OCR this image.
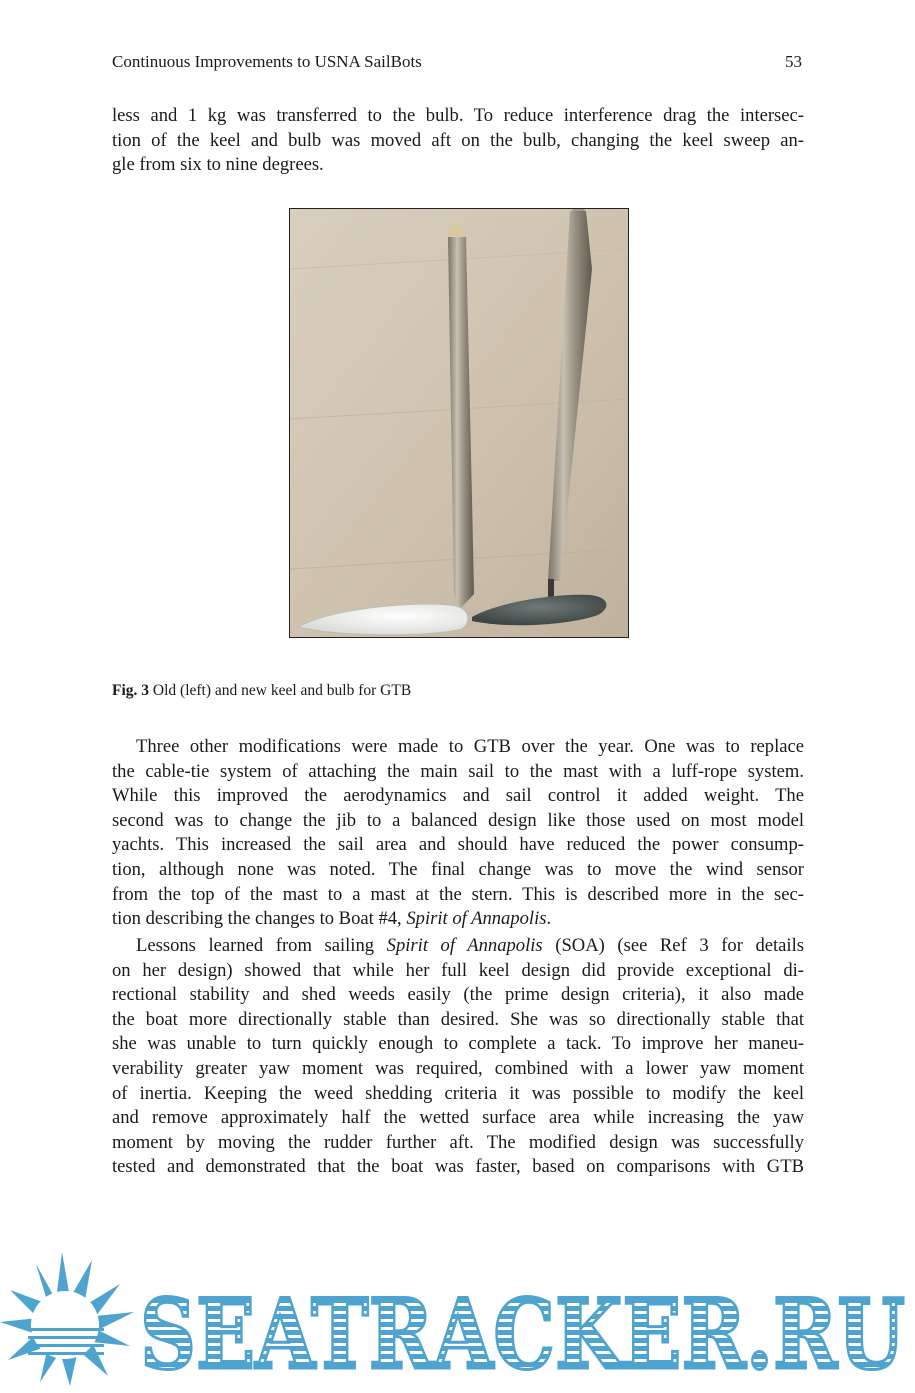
Continuous Improvements to USNA SailBots	53

less and 1 kg was transferred to the bulb. To reduce interference drag the intersec-
tion of the keel and bulb was moved aft on the bulb, changing the keel sweep an-
gle from six to nine degrees.

Fig. 3 Old (left) and new keel and bulb for GTB

Three other modifications were made to GTB over the year. One was to replace
the cable-tie system of attaching the main sail to the mast with a luff-rope system.
While this improved the aerodynamics and sail control it added weight. The
second was to change the jib to a balanced design like those used on most model
yachts. This increased the sail area and should have reduced the power consump-
tion, although none was noted. The final change was to move the wind sensor
from the top of the mast to a mast at the stern. This is described more in the sec-
tion describing the changes to Boat #4, Spirit of Annapolis.

Lessons learned from sailing Spirit of Annapolis (SOA) (see Ref 3 for details
on her design) showed that while her full keel design did provide exceptional di-
rectional stability and shed weeds easily (the prime design criteria), it also made
the boat more directionally stable than desired. She was so directionally stable that
she was unable to turn quickly enough to complete a tack. To improve her maneu-
verability greater yaw moment was required, combined with a lower yaw moment
of inertia. Keeping the weed shedding criteria it was possible to modify the keel
and remove approximately half the wetted surface area while increasing the yaw
moment by moving the rudder further aft. The modified design was successfully
tested and demonstrated that the boat was faster, based on comparisons with GTB

SEATRACKER.RU
